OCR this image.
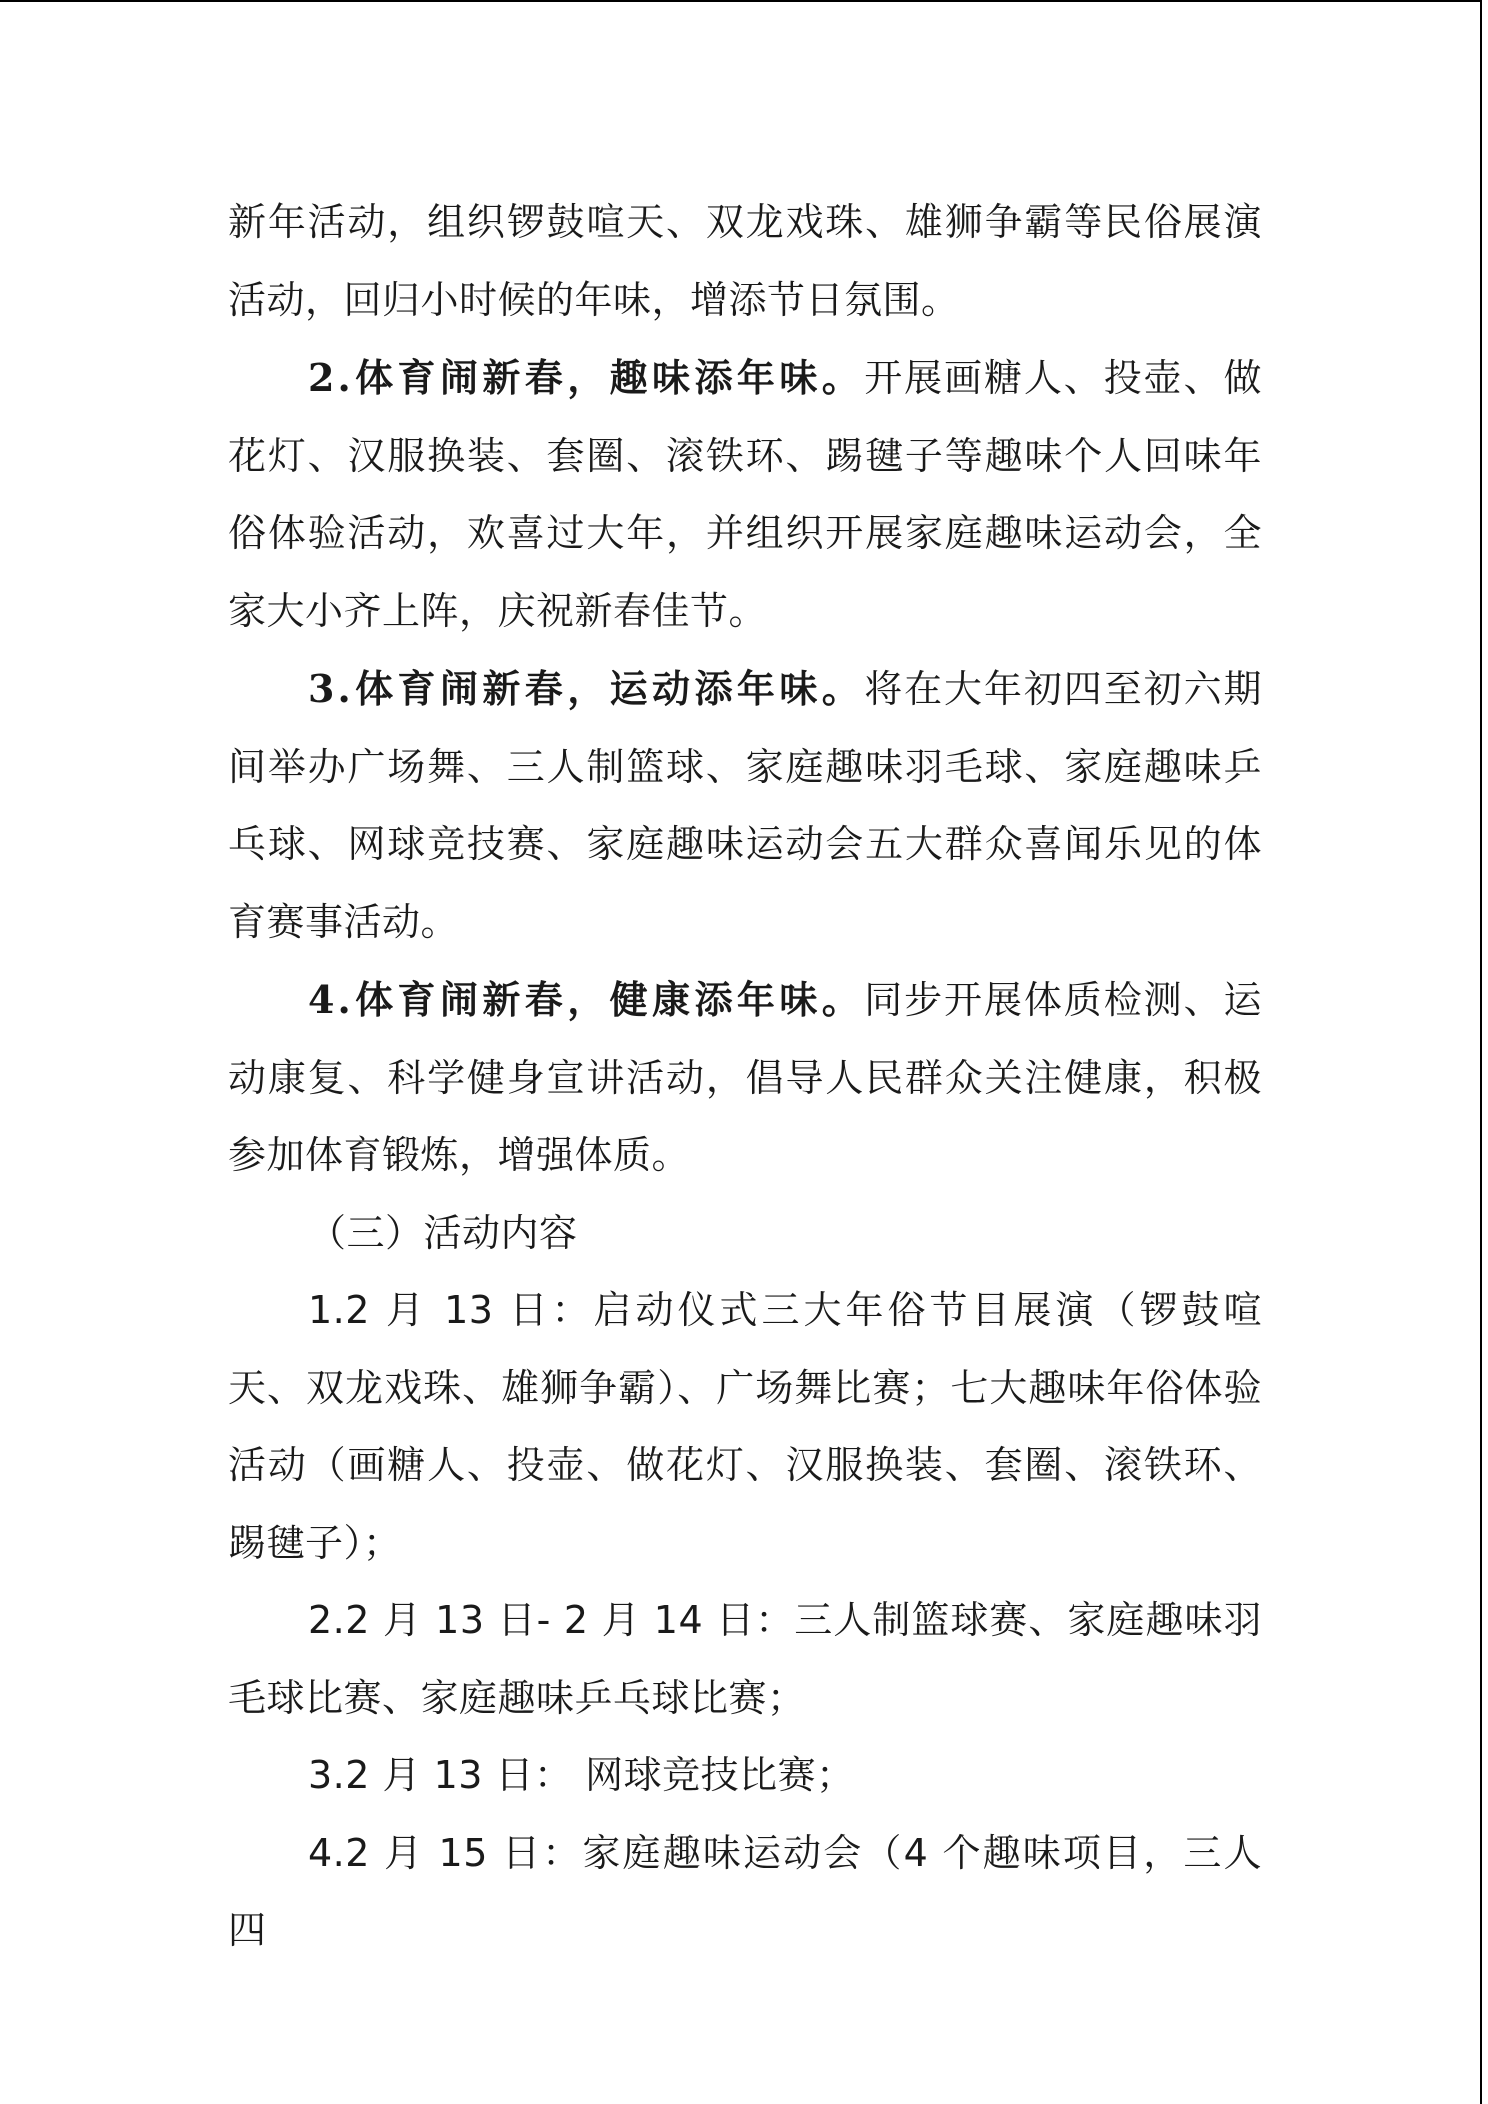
新年活动，组织锣鼓喧天、双龙戏珠、雄狮争霸等民俗展演活动，回归小时候的年味，增添节日氛围。

2.体育闹新春，趣味添年味。开展画糖人、投壶、做花灯、汉服换装、套圈、滚铁环、踢毽子等趣味个人回味年俗体验活动，欢喜过大年，并组织开展家庭趣味运动会，全家大小齐上阵，庆祝新春佳节。

3.体育闹新春，运动添年味。将在大年初四至初六期间举办广场舞、三人制篮球、家庭趣味羽毛球、家庭趣味乒乓球、网球竞技赛、家庭趣味运动会五大群众喜闻乐见的体育赛事活动。

4.体育闹新春，健康添年味。同步开展体质检测、运动康复、科学健身宣讲活动，倡导人民群众关注健康，积极参加体育锻炼，增强体质。

（三）活动内容

1.2 月 13 日：启动仪式三大年俗节目展演（锣鼓喧天、双龙戏珠、雄狮争霸）、广场舞比赛；七大趣味年俗体验活动（画糖人、投壶、做花灯、汉服换装、套圈、滚铁环、踢毽子）；

2.2 月 13 日- 2 月 14 日：三人制篮球赛、家庭趣味羽毛球比赛、家庭趣味乒乓球比赛；

3.2 月 13 日： 网球竞技比赛；

4.2 月 15 日：家庭趣味运动会（4 个趣味项目，三人四
